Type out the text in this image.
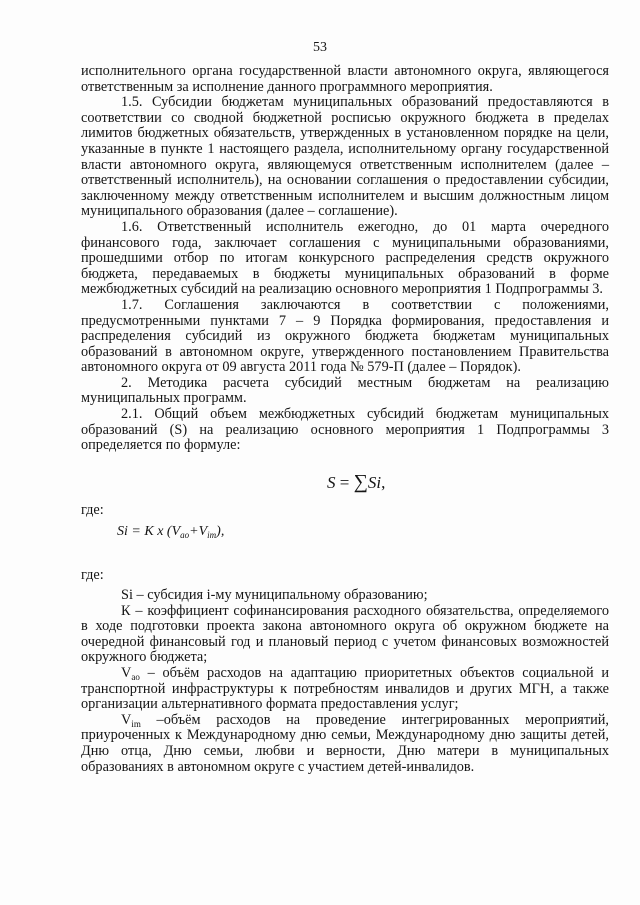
53

исполнительного органа государственной власти автономного округа, являющегося ответственным за исполнение данного программного мероприятия.

1.5. Субсидии бюджетам муниципальных образований предоставляются в соответствии со сводной бюджетной росписью окружного бюджета в пределах лимитов бюджетных обязательств, утвержденных в установленном порядке на цели, указанные в пункте 1 настоящего раздела, исполнительному органу государственной власти автономного округа, являющемуся ответственным исполнителем (далее – ответственный исполнитель), на основании соглашения о предоставлении субсидии, заключенному между ответственным исполнителем и высшим должностным лицом муниципального образования (далее – соглашение).

1.6. Ответственный исполнитель ежегодно, до 01 марта очередного финансового года, заключает соглашения с муниципальными образованиями, прошедшими отбор по итогам конкурсного распределения средств окружного бюджета, передаваемых в бюджеты муниципальных образований в форме межбюджетных субсидий на реализацию основного мероприятия 1 Подпрограммы 3.

1.7. Соглашения заключаются в соответствии с положениями, предусмотренными пунктами 7 – 9 Порядка формирования, предоставления и распределения субсидий из окружного бюджета бюджетам муниципальных образований в автономном округе, утвержденного постановлением Правительства автономного округа от 09 августа 2011 года № 579-П (далее – Порядок).

2. Методика расчета субсидий местным бюджетам на реализацию муниципальных программ.

2.1. Общий объем межбюджетных субсидий бюджетам муниципальных образований (S) на реализацию основного мероприятия 1 Подпрограммы 3 определяется по формуле:

S = ∑Si,

где:

Si = K x $(V_{ao}+V_{im})$,

где:

Si – субсидия i-му муниципальному образованию;

К – коэффициент софинансирования расходного обязательства, определяемого в ходе подготовки проекта закона автономного округа об окружном бюджете на очередной финансовый год и плановый период с учетом финансовых возможностей окружного бюджета;

$V_{ao}$ – объём расходов на адаптацию приоритетных объектов социальной и транспортной инфраструктуры к потребностям инвалидов и других МГН, а также организации альтернативного формата предоставления услуг;

$V_{im}$ –объём расходов на проведение интегрированных мероприятий, приуроченных к Международному дню семьи, Международному дню защиты детей, Дню отца, Дню семьи, любви и верности, Дню матери в муниципальных образованиях в автономном округе с участием детей-инвалидов.
